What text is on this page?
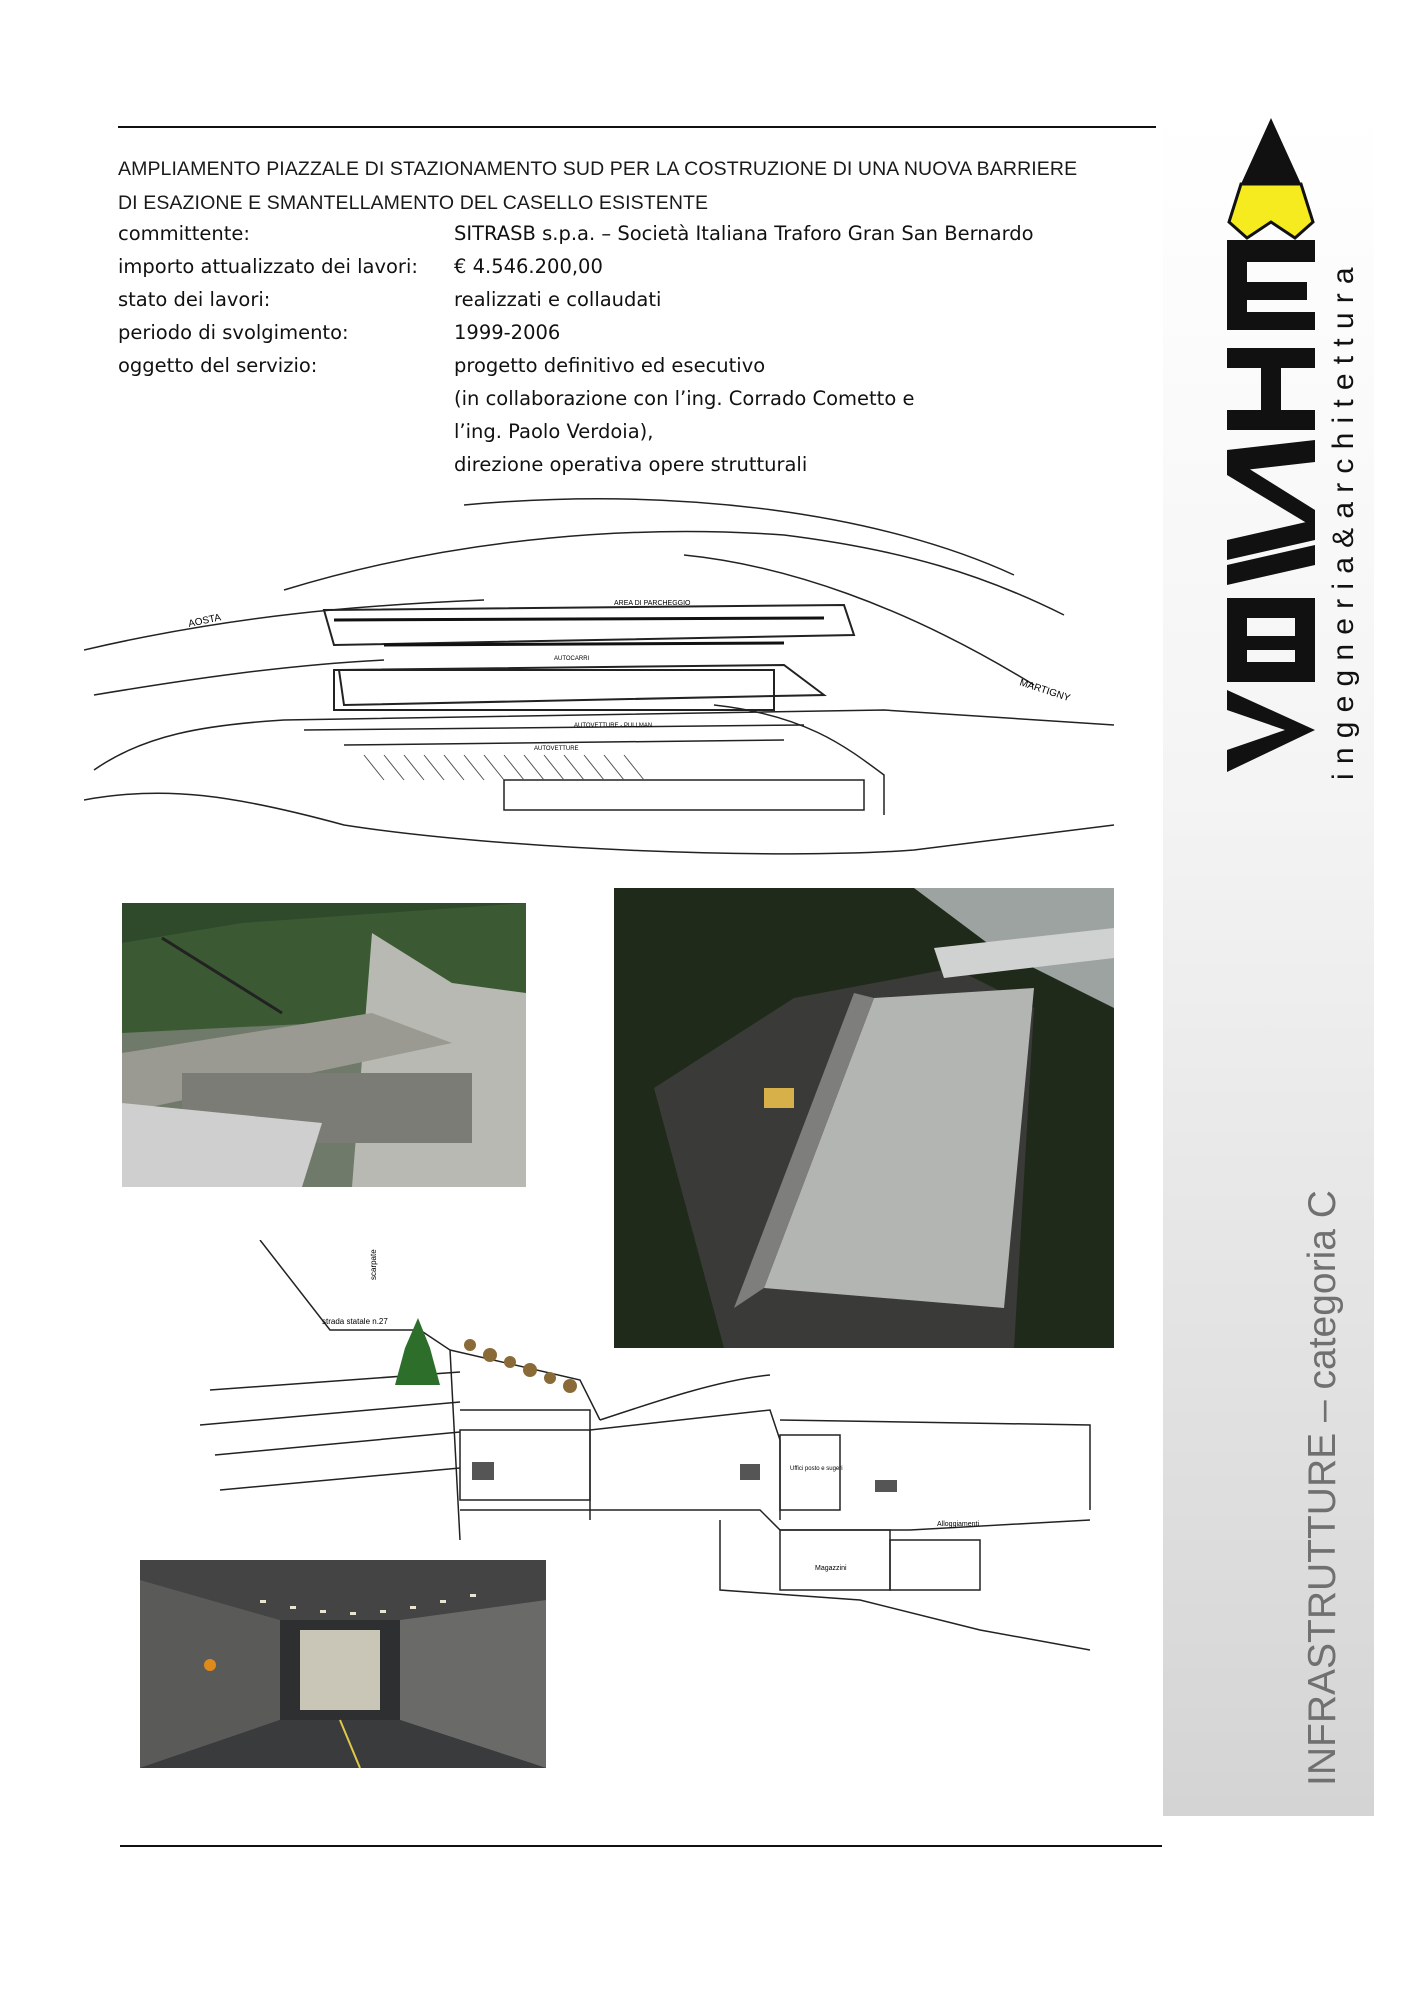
ingegneria&architettura
INFRASTRUTTURE – categoria C
AMPLIAMENTO PIAZZALE DI STAZIONAMENTO SUD PER LA COSTRUZIONE DI UNA NUOVA BARRIERE
DI ESAZIONE E SMANTELLAMENTO DEL CASELLO ESISTENTE
committente:	SITRASB s.p.a. – Società Italiana Traforo Gran San Bernardo
importo attualizzato dei lavori: € 4.546.200,00
stato dei lavori:	realizzati e collaudati
periodo di svolgimento:	1999-2006
oggetto del servizio:	progetto definitivo ed esecutivo
(in collaborazione con l’ing. Corrado Cometto e
l’ing. Paolo Verdoia),
direzione operativa opere strutturali
AOSTA
MARTIGNY
AREA DI PARCHEGGIO
AUTOCARRI
AUTOVETTURE
AUTOVETTURE - PULLMAN
strada statale n.27
scarpate
Uffici posto e sugeri
Magazzini
Alloggiamenti
